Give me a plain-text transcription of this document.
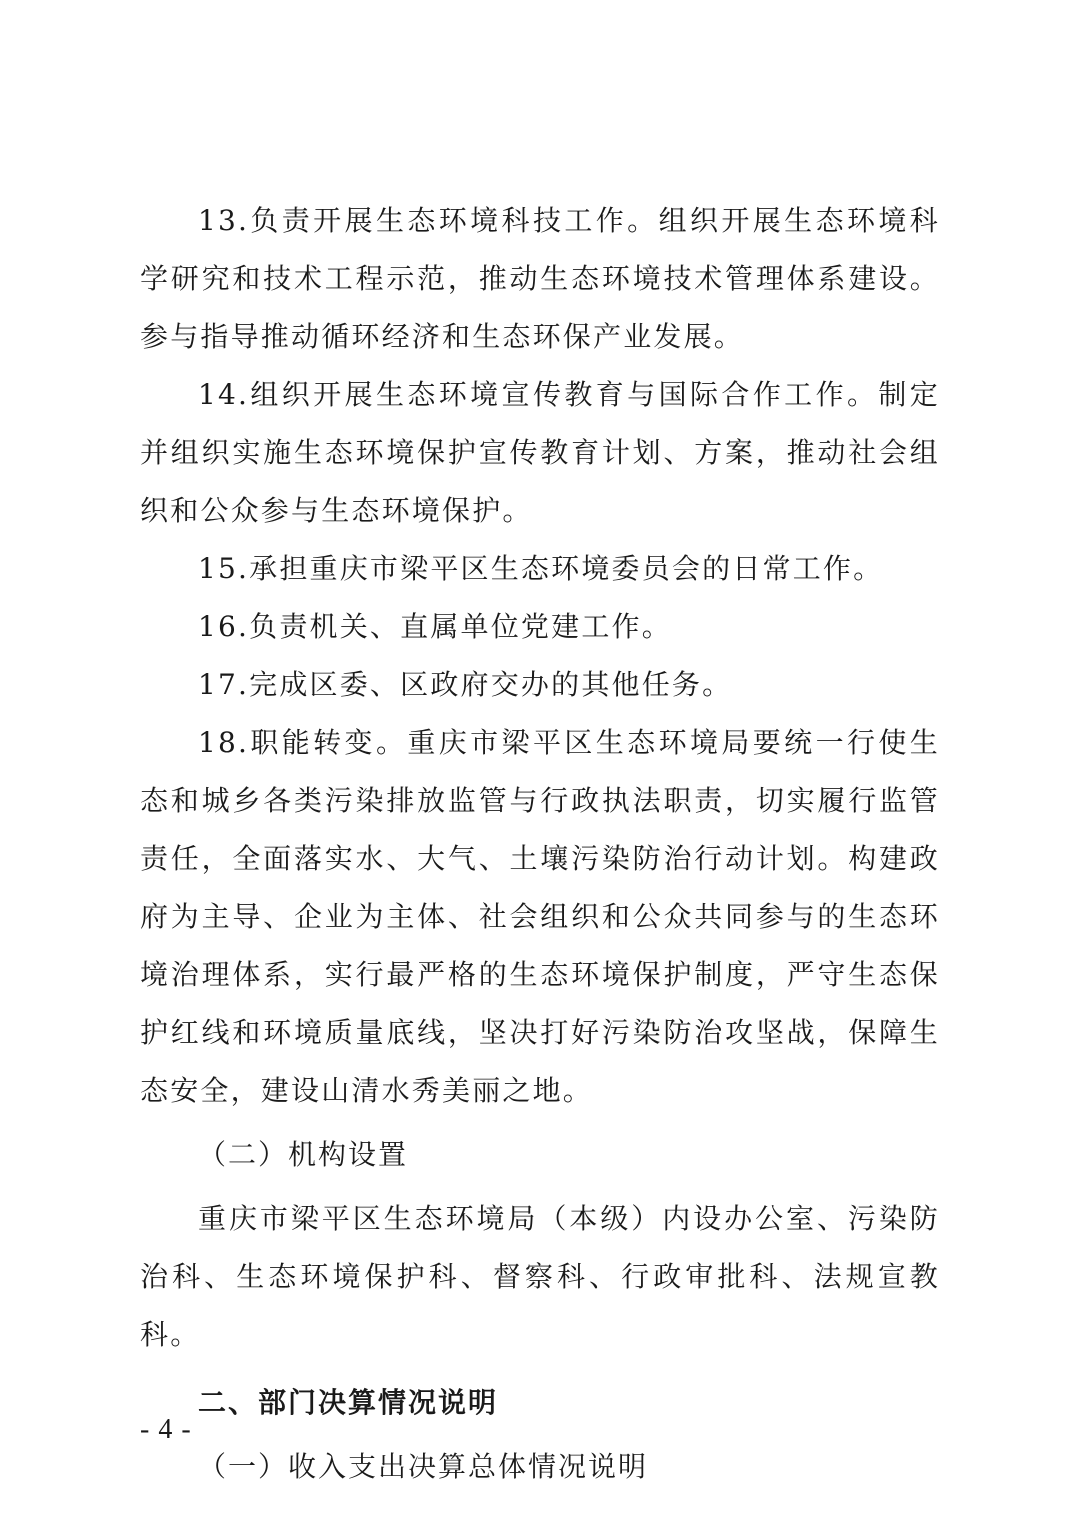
13.负责开展生态环境科技工作。组织开展生态环境科学研究和技术工程示范，推动生态环境技术管理体系建设。参与指导推动循环经济和生态环保产业发展。

14.组织开展生态环境宣传教育与国际合作工作。制定并组织实施生态环境保护宣传教育计划、方案，推动社会组织和公众参与生态环境保护。

15.承担重庆市梁平区生态环境委员会的日常工作。

16.负责机关、直属单位党建工作。

17.完成区委、区政府交办的其他任务。

18.职能转变。重庆市梁平区生态环境局要统一行使生态和城乡各类污染排放监管与行政执法职责，切实履行监管责任，全面落实水、大气、土壤污染防治行动计划。构建政府为主导、企业为主体、社会组织和公众共同参与的生态环境治理体系，实行最严格的生态环境保护制度，严守生态保护红线和环境质量底线，坚决打好污染防治攻坚战，保障生态安全，建设山清水秀美丽之地。

（二）机构设置

重庆市梁平区生态环境局（本级）内设办公室、污染防治科、生态环境保护科、督察科、行政审批科、法规宣教科。

二、部门决算情况说明

（一）收入支出决算总体情况说明

- 4 -
